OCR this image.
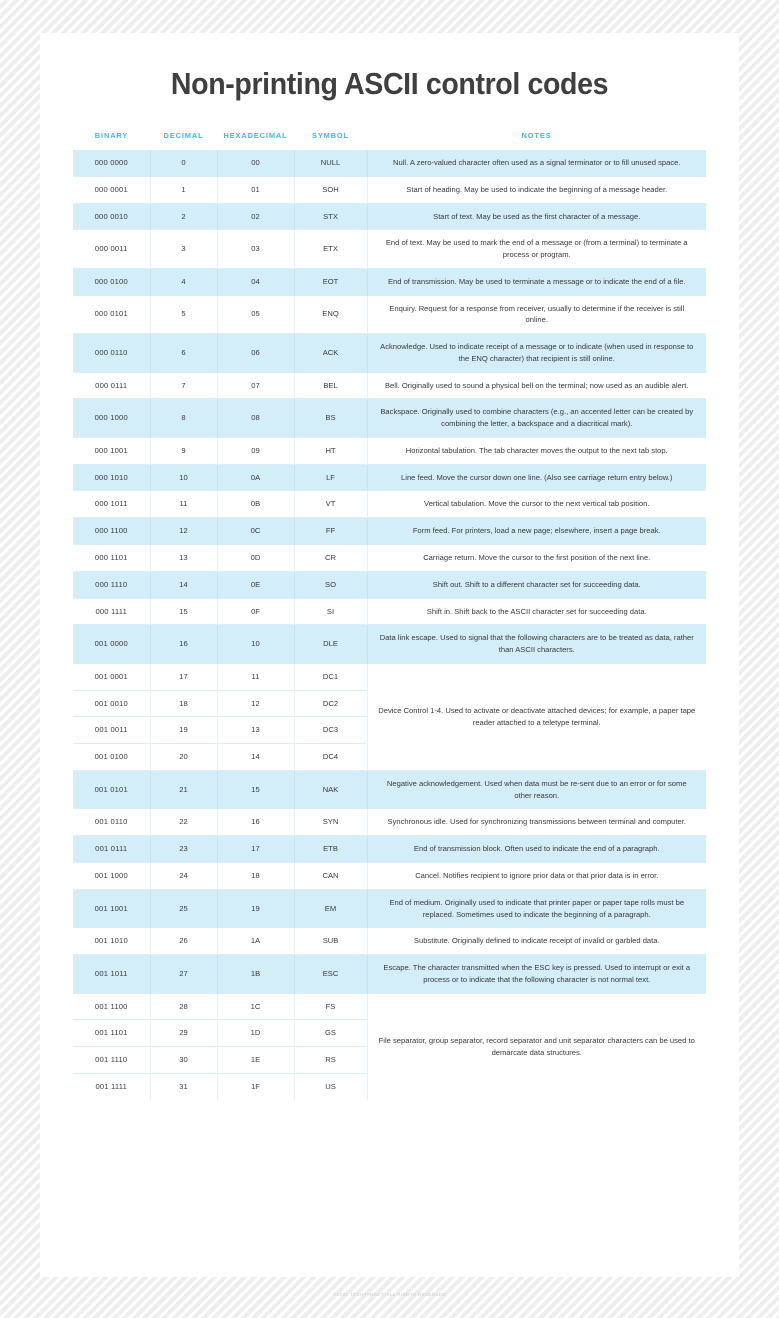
Non-printing ASCII control codes
BINARY	DECIMAL	HEXADECIMAL	SYMBOL	NOTES
000 0000	0	00	NULL	Null. A zero-valued character often used as a signal terminator or to fill unused space.
000 0001	1	01	SOH	Start of heading. May be used to indicate the beginning of a message header.
000 0010	2	02	STX	Start of text. May be used as the first character of a message.
000 0011	3	03	ETX	End of text. May be used to mark the end of a message or (from a terminal) to terminate a process or program.
000 0100	4	04	EOT	End of transmission. May be used to terminate a message or to indicate the end of a file.
000 0101	5	05	ENQ	Enquiry. Request for a response from receiver, usually to determine if the receiver is still online.
000 0110	6	06	ACK	Acknowledge. Used to indicate receipt of a message or to indicate (when used in response to the ENQ character) that recipient is still online.
000 0111	7	07	BEL	Bell. Originally used to sound a physical bell on the terminal; now used as an audible alert.
000 1000	8	08	BS	Backspace. Originally used to combine characters (e.g., an accented letter can be created by combining the letter, a backspace and a diacritical mark).
000 1001	9	09	HT	Horizontal tabulation. The tab character moves the output to the next tab stop.
000 1010	10	0A	LF	Line feed. Move the cursor down one line. (Also see carriage return entry below.)
000 1011	11	0B	VT	Vertical tabulation. Move the cursor to the next vertical tab position.
000 1100	12	0C	FF	Form feed. For printers, load a new page; elsewhere, insert a page break.
000 1101	13	0D	CR	Carriage return. Move the cursor to the first position of the next line.
000 1110	14	0E	SO	Shift out. Shift to a different character set for succeeding data.
000 1111	15	0F	SI	Shift in. Shift back to the ASCII character set for succeeding data.
001 0000	16	10	DLE	Data link escape. Used to signal that the following characters are to be treated as data, rather than ASCII characters.
001 0001	17	11	DC1	Device Control 1-4. Used to activate or deactivate attached devices; for example, a paper tape reader attached to a teletype terminal.
001 0010	18	12	DC2	
001 0011	19	13	DC3	
001 0100	20	14	DC4	
001 0101	21	15	NAK	Negative acknowledgement. Used when data must be re-sent due to an error or for some other reason.
001 0110	22	16	SYN	Synchronous idle. Used for synchronizing transmissions between terminal and computer.
001 0111	23	17	ETB	End of transmission block. Often used to indicate the end of a paragraph.
001 1000	24	18	CAN	Cancel. Notifies recipient to ignore prior data or that prior data is in error.
001 1001	25	19	EM	End of medium. Originally used to indicate that printer paper or paper tape rolls must be replaced. Sometimes used to indicate the beginning of a paragraph.
001 1010	26	1A	SUB	Substitute. Originally defined to indicate receipt of invalid or garbled data.
001 1011	27	1B	ESC	Escape. The character transmitted when the ESC key is pressed. Used to interrupt or exit a process or to indicate that the following character is not normal text.
001 1100	28	1C	FS	File separator, group separator, record separator and unit separator characters can be used to demarcate data structures.
001 1101	29	1D	GS	
001 1110	30	1E	RS	
001 1111	31	1F	US	
©2021 TECHTARGET, ALL RIGHTS RESERVED
